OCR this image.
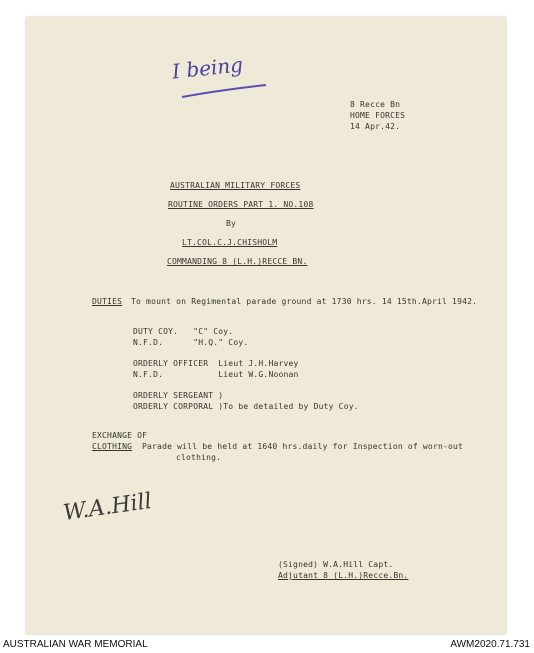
I being
8 Recce Bn
HOME FORCES
14 Apr.42.
AUSTRALIAN MILITARY FORCES
ROUTINE ORDERS PART 1. NO.108
By
LT.COL.C.J.CHISHOLM
COMMANDING 8 (L.H.)RECCE BN.
DUTIES To mount on Regimental parade ground at 1730 hrs. 14 15th.April 1942.
DUTY COY.   "C" Coy.
N.F.D.      "H.Q." Coy.
ORDERLY OFFICER  Lieut J.H.Harvey
N.F.D.           Lieut W.G.Noonan
ORDERLY SERGEANT )
ORDERLY CORPORAL )To be detailed by Duty Coy.
EXCHANGE OF
CLOTHING Parade will be held at 1640 hrs.daily for Inspection of worn-out
clothing.
W.A.Hill
(Signed) W.A.Hill Capt.
Adjutant 8 (L.H.)Recce.Bn.
AUSTRALIAN WAR MEMORIAL	AWM2020.71.731
